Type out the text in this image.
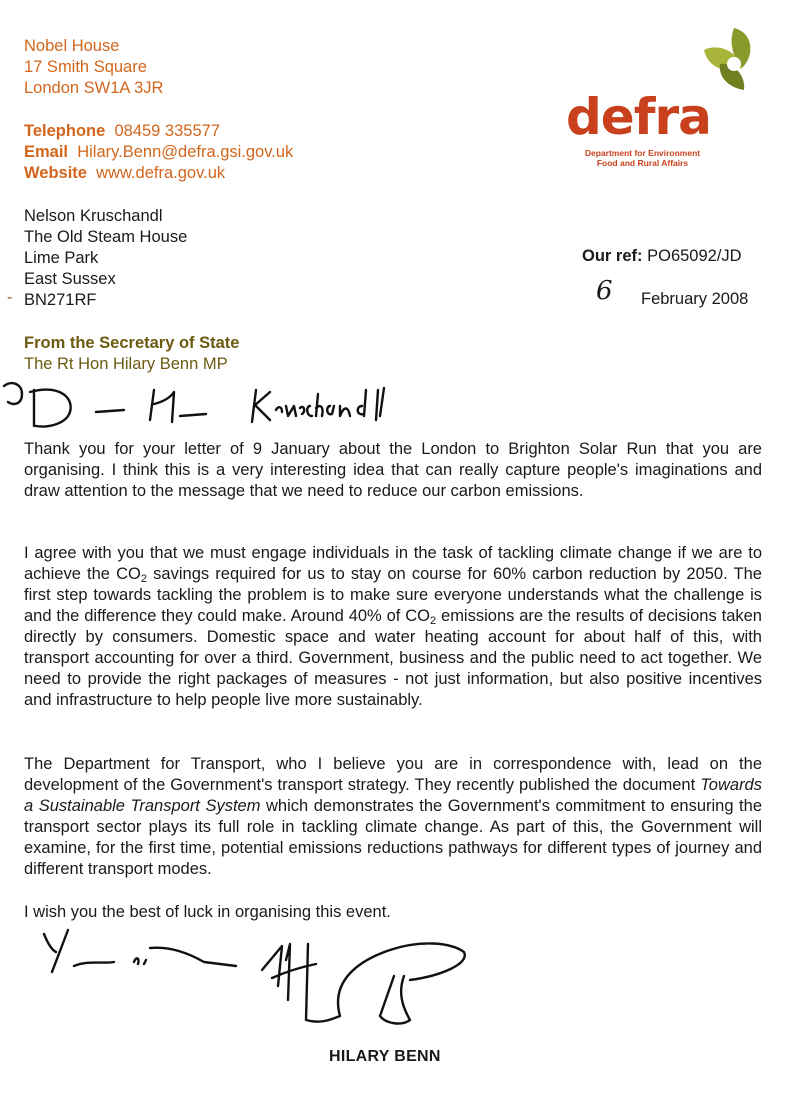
Nobel House
17 Smith Square
London SW1A 3JR
Telephone 08459 335577
Email Hilary.Benn@defra.gsi.gov.uk
Website www.defra.gov.uk
defra
Department for Environment
Food and Rural Affairs
Nelson Kruschandl
The Old Steam House
Lime Park
East Sussex
BN271RF
-
Our ref: PO65092/JD
6 February 2008
From the Secretary of State
The Rt Hon Hilary Benn MP
Thank you for your letter of 9 January about the London to Brighton Solar Run that you are organising. I think this is a very interesting idea that can really capture people's imaginations and draw attention to the message that we need to reduce our carbon emissions.
I agree with you that we must engage individuals in the task of tackling climate change if we are to achieve the $CO_2$ savings required for us to stay on course for 60% carbon reduction by 2050. The first step towards tackling the problem is to make sure everyone understands what the challenge is and the difference they could make. Around 40% of $CO_2$ emissions are the results of decisions taken directly by consumers. Domestic space and water heating account for about half of this, with transport accounting for over a third. Government, business and the public need to act together. We need to provide the right packages of measures - not just information, but also positive incentives and infrastructure to help people live more sustainably.
The Department for Transport, who I believe you are in correspondence with, lead on the development of the Government's transport strategy. They recently published the document Towards a Sustainable Transport System which demonstrates the Government's commitment to ensuring the transport sector plays its full role in tackling climate change. As part of this, the Government will examine, for the first time, potential emissions reductions pathways for different types of journey and different transport modes.
I wish you the best of luck in organising this event.
HILARY BENN
